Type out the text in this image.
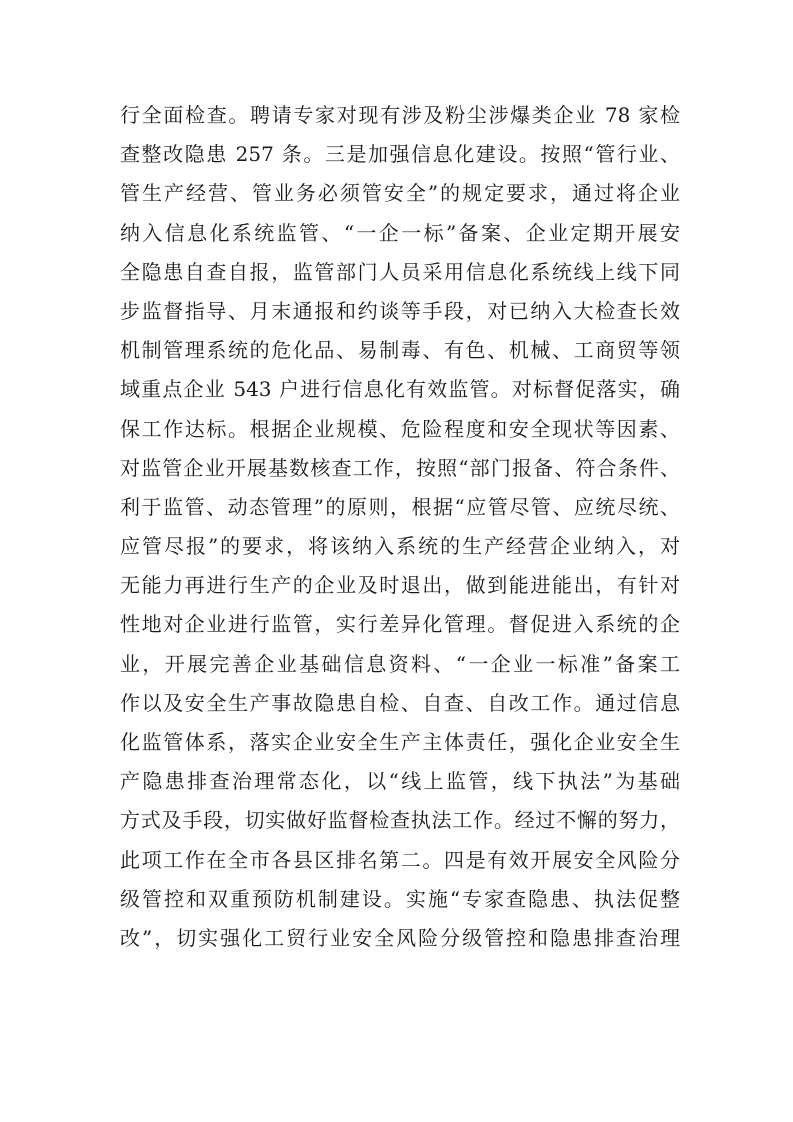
行全面检查。聘请专家对现有涉及粉尘涉爆类企业 78 家检
查整改隐患 257 条。三是加强信息化建设。按照“管行业、
管生产经营、管业务必须管安全”的规定要求，通过将企业
纳入信息化系统监管、“一企一标”备案、企业定期开展安
全隐患自查自报，监管部门人员采用信息化系统线上线下同
步监督指导、月末通报和约谈等手段，对已纳入大检查长效
机制管理系统的危化品、易制毒、有色、机械、工商贸等领
域重点企业 543 户进行信息化有效监管。对标督促落实，确
保工作达标。根据企业规模、危险程度和安全现状等因素、
对监管企业开展基数核查工作，按照“部门报备、符合条件、
利于监管、动态管理”的原则，根据“应管尽管、应统尽统、
应管尽报”的要求，将该纳入系统的生产经营企业纳入，对
无能力再进行生产的企业及时退出，做到能进能出，有针对
性地对企业进行监管，实行差异化管理。督促进入系统的企
业，开展完善企业基础信息资料、“一企业一标准”备案工
作以及安全生产事故隐患自检、自查、自改工作。通过信息
化监管体系，落实企业安全生产主体责任，强化企业安全生
产隐患排查治理常态化，以“线上监管，线下执法”为基础
方式及手段，切实做好监督检查执法工作。经过不懈的努力，
此项工作在全市各县区排名第二。四是有效开展安全风险分
级管控和双重预防机制建设。实施“专家查隐患、执法促整
改”，切实强化工贸行业安全风险分级管控和隐患排查治理
